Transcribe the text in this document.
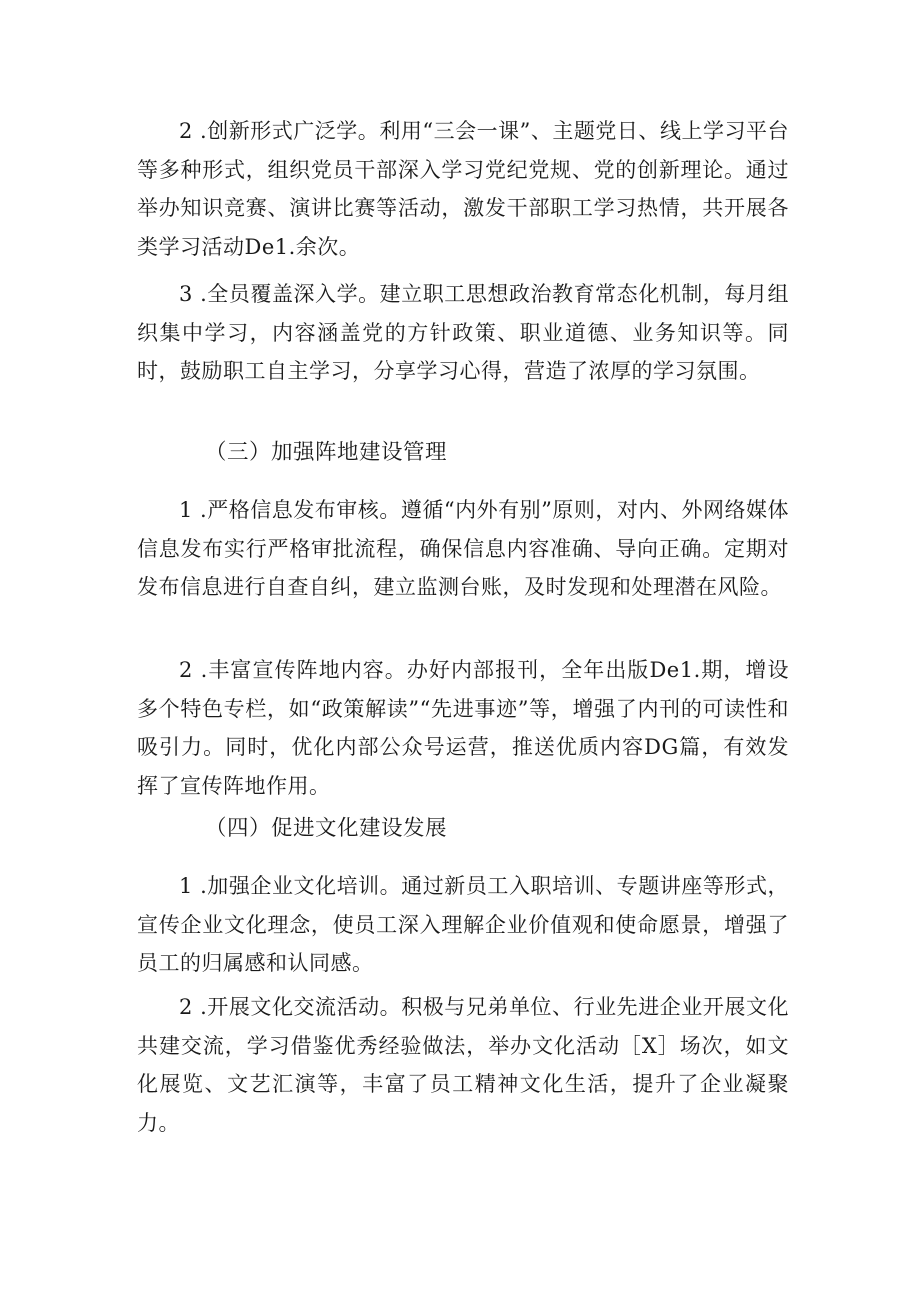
2 .创新形式广泛学。利用“三会一课”、主题党日、线上学习平台等多种形式，组织党员干部深入学习党纪党规、党的创新理论。通过举办知识竞赛、演讲比赛等活动，激发干部职工学习热情，共开展各类学习活动De1.余次。

3 .全员覆盖深入学。建立职工思想政治教育常态化机制，每月组织集中学习，内容涵盖党的方针政策、职业道德、业务知识等。同时，鼓励职工自主学习，分享学习心得，营造了浓厚的学习氛围。

（三）加强阵地建设管理

1 .严格信息发布审核。遵循“内外有别”原则，对内、外网络媒体信息发布实行严格审批流程，确保信息内容准确、导向正确。定期对发布信息进行自查自纠，建立监测台账，及时发现和处理潜在风险。

2 .丰富宣传阵地内容。办好内部报刊，全年出版De1.期，增设多个特色专栏，如“政策解读”“先进事迹”等，增强了内刊的可读性和吸引力。同时，优化内部公众号运营，推送优质内容DG篇，有效发挥了宣传阵地作用。

（四）促进文化建设发展

1 .加强企业文化培训。通过新员工入职培训、专题讲座等形式，宣传企业文化理念，使员工深入理解企业价值观和使命愿景，增强了员工的归属感和认同感。

2 .开展文化交流活动。积极与兄弟单位、行业先进企业开展文化共建交流，学习借鉴优秀经验做法，举办文化活动［X］场次，如文化展览、文艺汇演等，丰富了员工精神文化生活，提升了企业凝聚力。
